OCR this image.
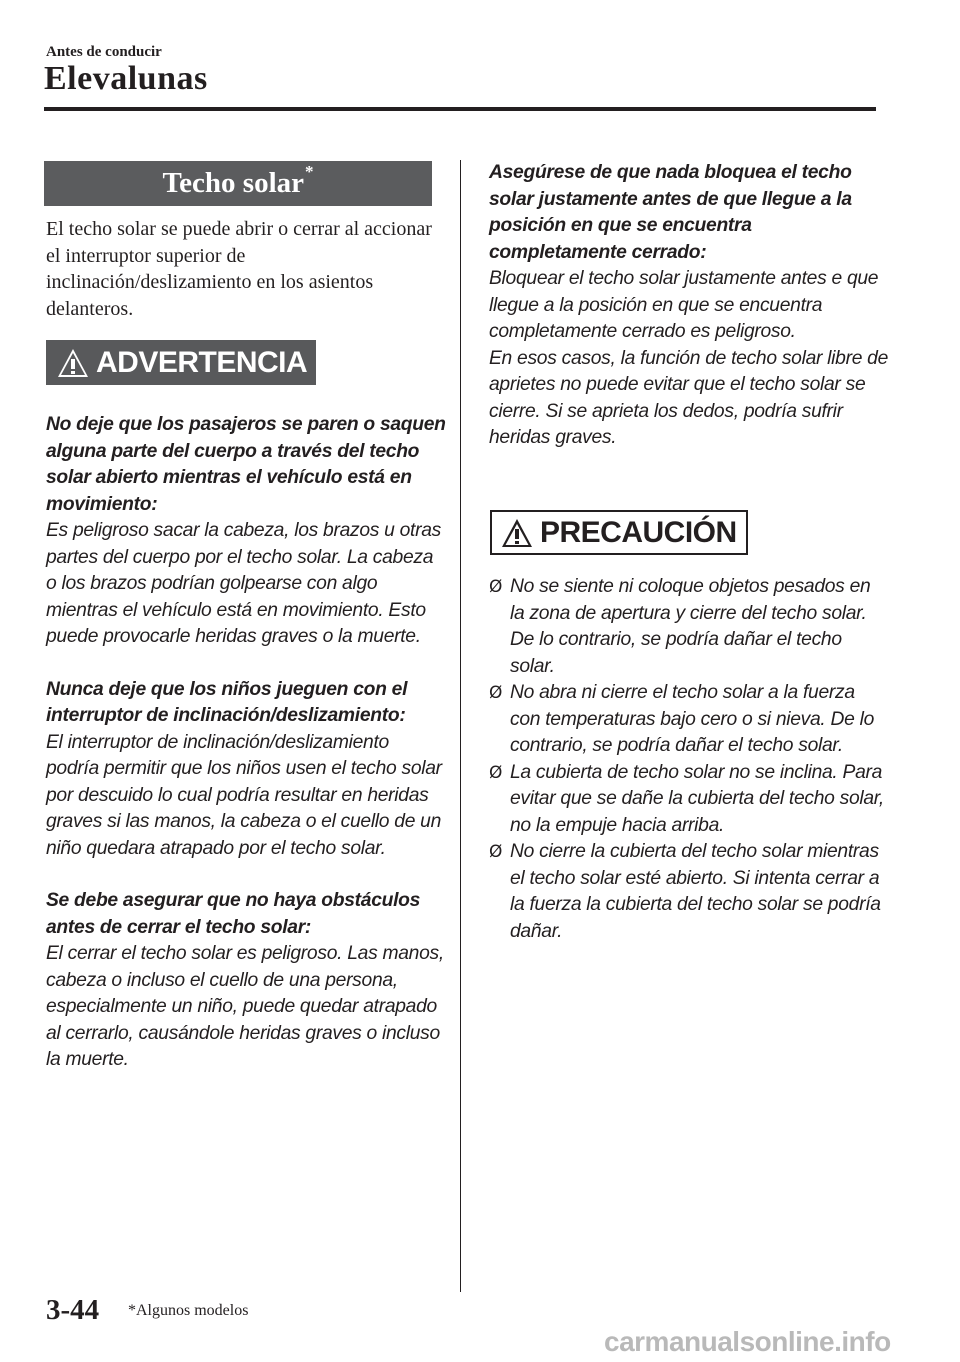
Antes de conducir
Elevalunas
Techo solar*
El techo solar se puede abrir o cerrar al accionar el interruptor superior de inclinación/deslizamiento en los asientos delanteros.
ADVERTENCIA

No deje que los pasajeros se paren o saquen alguna parte del cuerpo a través del techo solar abierto mientras el vehículo está en movimiento:

Es peligroso sacar la cabeza, los brazos u otras partes del cuerpo por el techo solar. La cabeza o los brazos podrían golpearse con algo mientras el vehículo está en movimiento. Esto puede provocarle heridas graves o la muerte.

Nunca deje que los niños jueguen con el interruptor de inclinación/deslizamiento:

El interruptor de inclinación/deslizamiento podría permitir que los niños usen el techo solar por descuido lo cual podría resultar en heridas graves si las manos, la cabeza o el cuello de un niño quedara atrapado por el techo solar.

Se debe asegurar que no haya obstáculos antes de cerrar el techo solar:

El cerrar el techo solar es peligroso. Las manos, cabeza o incluso el cuello de una persona, especialmente un niño, puede quedar atrapado al cerrarlo, causándole heridas graves o incluso la muerte.

Asegúrese de que nada bloquea el techo solar justamente antes de que llegue a la posición en que se encuentra completamente cerrado:

Bloquear el techo solar justamente antes e que llegue a la posición en que se encuentra completamente cerrado es peligroso.

En esos casos, la función de techo solar libre de aprietes no puede evitar que el techo solar se cierre. Si se aprieta los dedos, podría sufrir heridas graves.

PRECAUCIÓN
Ø No se siente ni coloque objetos pesados en la zona de apertura y cierre del techo solar. De lo contrario, se podría dañar el techo solar.
Ø No abra ni cierre el techo solar a la fuerza con temperaturas bajo cero o si nieva. De lo contrario, se podría dañar el techo solar.
Ø La cubierta de techo solar no se inclina. Para evitar que se dañe la cubierta del techo solar, no la empuje hacia arriba.
Ø No cierre la cubierta del techo solar mientras el techo solar esté abierto. Si intenta cerrar a la fuerza la cubierta del techo solar se podría dañar.
3-44 *Algunos modelos
carmanualsonline.info
